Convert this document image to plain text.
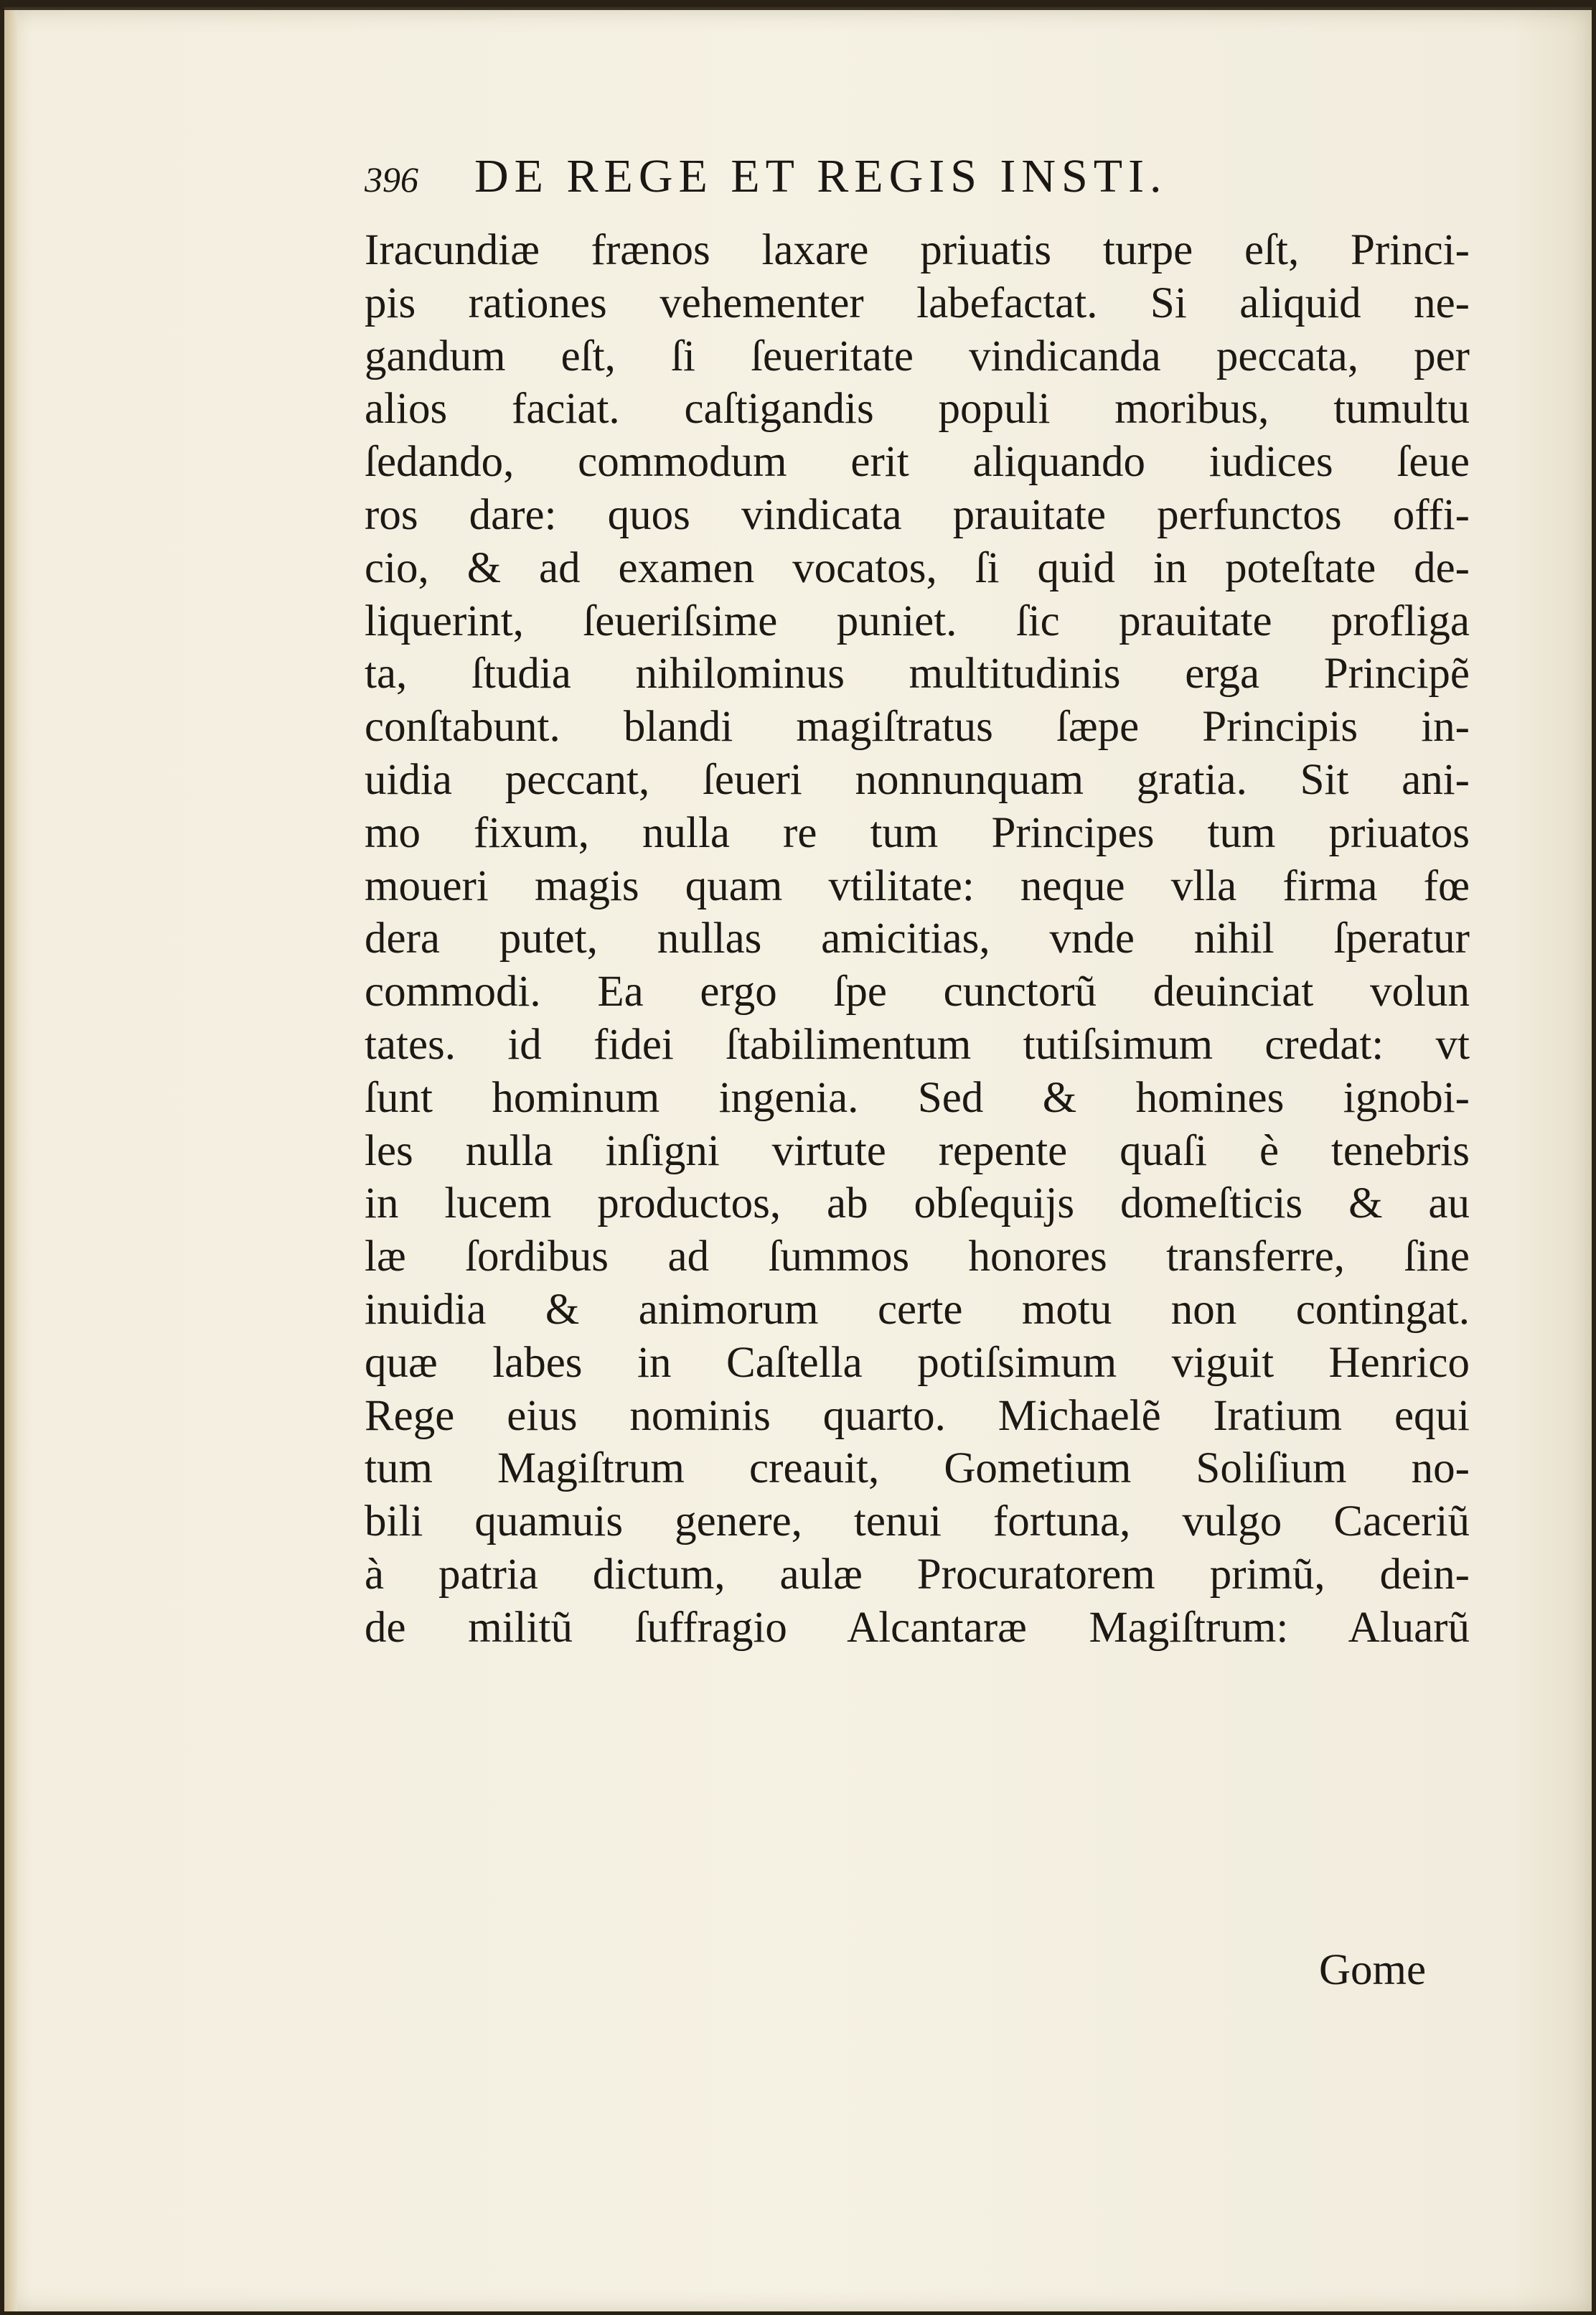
396 DE REGE ET REGIS INSTI.
Iracundiæ frænos laxare priuatis turpe eſt, Princi-
pis rationes vehementer labefactat. Si aliquid ne-
gandum eſt, ſi ſeueritate vindicanda peccata, per
alios faciat. caſtigandis populi moribus, tumultu
ſedando, commodum erit aliquando iudices ſeue
ros dare: quos vindicata prauitate perfunctos offi-
cio, & ad examen vocatos, ſi quid in poteſtate de-
liquerint, ſeueriſsime puniet. ſic prauitate profliga
ta, ſtudia nihilominus multitudinis erga Principẽ
conſtabunt. blandi magiſtratus ſæpe Principis in-
uidia peccant, ſeueri nonnunquam gratia. Sit ani-
mo fixum, nulla re tum Principes tum priuatos
moueri magis quam vtilitate: neque vlla firma fœ
dera putet, nullas amicitias, vnde nihil ſperatur
commodi. Ea ergo ſpe cunctorũ deuinciat volun
tates. id fidei ſtabilimentum tutiſsimum credat: vt
ſunt hominum ingenia. Sed & homines ignobi-
les nulla inſigni virtute repente quaſi è tenebris
in lucem productos, ab obſequijs domeſticis & au
læ ſordibus ad ſummos honores transferre, ſine
inuidia & animorum certe motu non contingat.
quæ labes in Caſtella potiſsimum viguit Henrico
Rege eius nominis quarto. Michaelẽ Iratium equi
tum Magiſtrum creauit, Gometium Soliſium no-
bili quamuis genere, tenui fortuna, vulgo Caceriũ
à patria dictum, aulæ Procuratorem primũ, dein-
de militũ ſuffragio Alcantaræ Magiſtrum: Aluarũ
Gome
